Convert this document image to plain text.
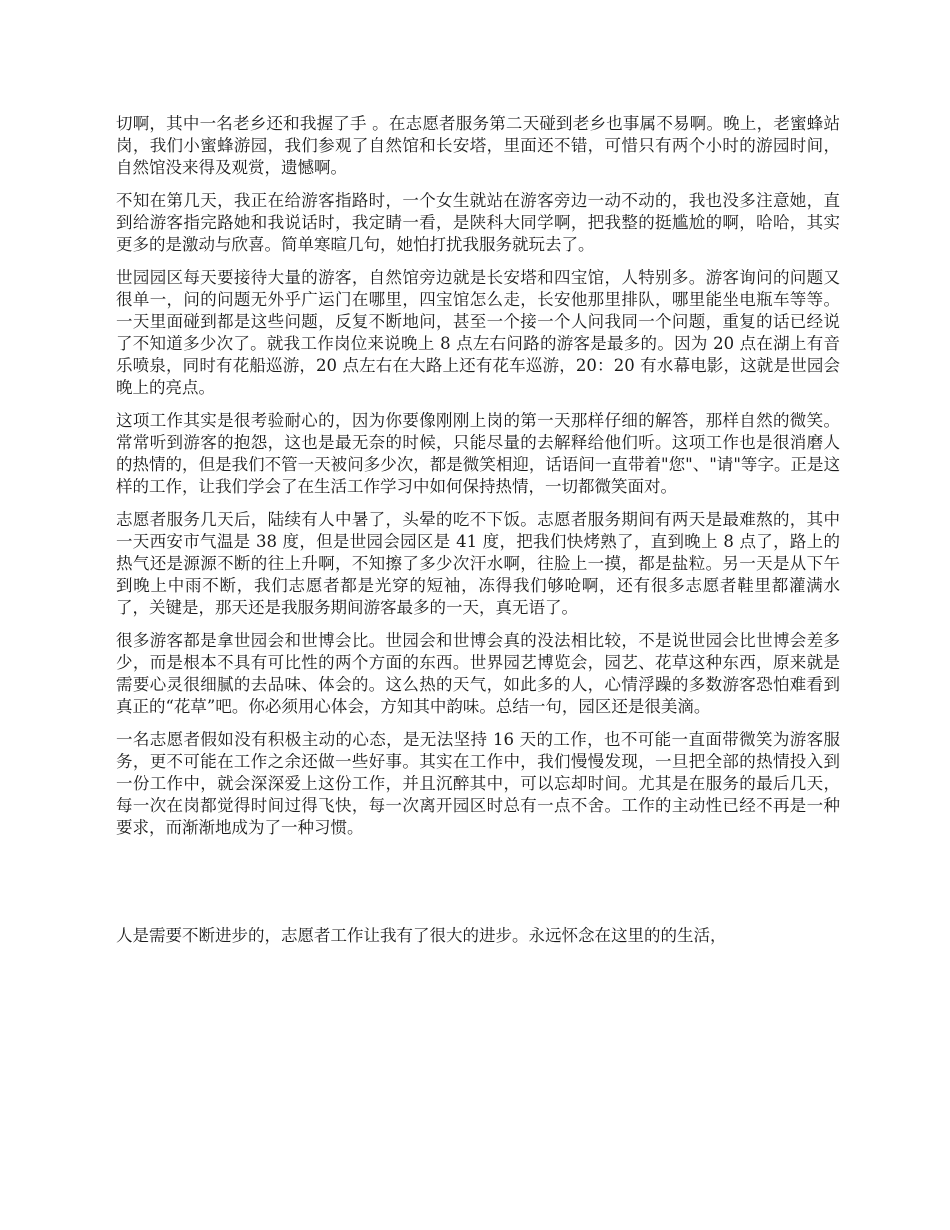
切啊，其中一名老乡还和我握了手 。在志愿者服务第二天碰到老乡也事属不易啊。晚上，老蜜蜂站岗，我们小蜜蜂游园，我们参观了自然馆和长安塔，里面还不错，可惜只有两个小时的游园时间，自然馆没来得及观赏，遗憾啊。

不知在第几天，我正在给游客指路时，一个女生就站在游客旁边一动不动的，我也没多注意她，直到给游客指完路她和我说话时，我定睛一看，是陕科大同学啊，把我整的挺尴尬的啊，哈哈，其实更多的是激动与欣喜。简单寒暄几句，她怕打扰我服务就玩去了。

世园园区每天要接待大量的游客，自然馆旁边就是长安塔和四宝馆，人特别多。游客询问的问题又很单一，问的问题无外乎广运门在哪里，四宝馆怎么走，长安他那里排队，哪里能坐电瓶车等等。一天里面碰到都是这些问题，反复不断地问，甚至一个接一个人问我同一个问题，重复的话已经说了不知道多少次了。就我工作岗位来说晚上 8 点左右问路的游客是最多的。因为 20 点在湖上有音乐喷泉，同时有花船巡游，20 点左右在大路上还有花车巡游，20：20 有水幕电影，这就是世园会晚上的亮点。

这项工作其实是很考验耐心的，因为你要像刚刚上岗的第一天那样仔细的解答，那样自然的微笑。常常听到游客的抱怨，这也是最无奈的时候，只能尽量的去解释给他们听。这项工作也是很消磨人的热情的，但是我们不管一天被问多少次，都是微笑相迎，话语间一直带着"您"、"请"等字。正是这样的工作，让我们学会了在生活工作学习中如何保持热情，一切都微笑面对。

志愿者服务几天后，陆续有人中暑了，头晕的吃不下饭。志愿者服务期间有两天是最难熬的，其中一天西安市气温是 38 度，但是世园会园区是 41 度，把我们快烤熟了，直到晚上 8 点了，路上的热气还是源源不断的往上升啊，不知擦了多少次汗水啊，往脸上一摸，都是盐粒。另一天是从下午到晚上中雨不断，我们志愿者都是光穿的短袖，冻得我们够呛啊，还有很多志愿者鞋里都灌满水了，关键是，那天还是我服务期间游客最多的一天，真无语了。

很多游客都是拿世园会和世博会比。世园会和世博会真的没法相比较，不是说世园会比世博会差多少，而是根本不具有可比性的两个方面的东西。世界园艺博览会，园艺、花草这种东西，原来就是需要心灵很细腻的去品味、体会的。这么热的天气，如此多的人，心情浮躁的多数游客恐怕难看到真正的“花草”吧。你必须用心体会，方知其中韵味。总结一句，园区还是很美滴。

一名志愿者假如没有积极主动的心态，是无法坚持 16 天的工作，也不可能一直面带微笑为游客服务，更不可能在工作之余还做一些好事。其实在工作中，我们慢慢发现，一旦把全部的热情投入到一份工作中，就会深深爱上这份工作，并且沉醉其中，可以忘却时间。尤其是在服务的最后几天，每一次在岗都觉得时间过得飞快，每一次离开园区时总有一点不舍。工作的主动性已经不再是一种要求，而渐渐地成为了一种习惯。

人是需要不断进步的，志愿者工作让我有了很大的进步。永远怀念在这里的的生活，
